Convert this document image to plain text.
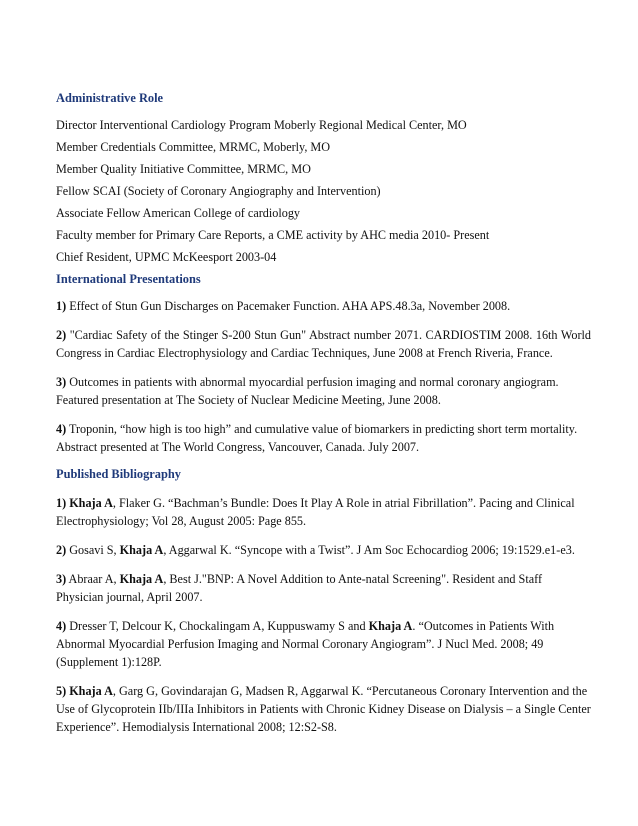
Administrative Role

Director Interventional Cardiology Program Moberly Regional Medical Center, MO

Member Credentials Committee, MRMC, Moberly, MO

Member Quality Initiative Committee, MRMC, MO

Fellow SCAI (Society of Coronary Angiography and Intervention)

Associate Fellow American College of cardiology

Faculty member for Primary Care Reports, a CME activity by AHC media 2010- Present

Chief Resident, UPMC McKeesport 2003-04

International Presentations

1) Effect of Stun Gun Discharges on Pacemaker Function. AHA APS.48.3a, November 2008.

2) "Cardiac Safety of the Stinger S-200 Stun Gun" Abstract number 2071. CARDIOSTIM 2008. 16th World Congress in Cardiac Electrophysiology and Cardiac Techniques, June 2008 at French Riveria, France.

3) Outcomes in patients with abnormal myocardial perfusion imaging and normal coronary angiogram. Featured presentation at The Society of Nuclear Medicine Meeting, June 2008.

4) Troponin, “how high is too high” and cumulative value of biomarkers in predicting short term mortality. Abstract presented at The World Congress, Vancouver, Canada. July 2007.

Published Bibliography

1) Khaja A, Flaker G. “Bachman’s Bundle: Does It Play A Role in atrial Fibrillation”. Pacing and Clinical Electrophysiology; Vol 28, August 2005: Page 855.

2) Gosavi S, Khaja A, Aggarwal K. “Syncope with a Twist”. J Am Soc Echocardiog 2006; 19:1529.e1-e3.

3) Abraar A, Khaja A, Best J."BNP: A Novel Addition to Ante-natal Screening". Resident and Staff Physician journal, April 2007.

4) Dresser T, Delcour K, Chockalingam A, Kuppuswamy S and Khaja A. “Outcomes in Patients With Abnormal Myocardial Perfusion Imaging and Normal Coronary Angiogram”. J Nucl Med. 2008; 49 (Supplement 1):128P.

5) Khaja A, Garg G, Govindarajan G, Madsen R, Aggarwal K. “Percutaneous Coronary Intervention and the Use of Glycoprotein IIb/IIIa Inhibitors in Patients with Chronic Kidney Disease on Dialysis – a Single Center Experience”. Hemodialysis International 2008; 12:S2-S8.
